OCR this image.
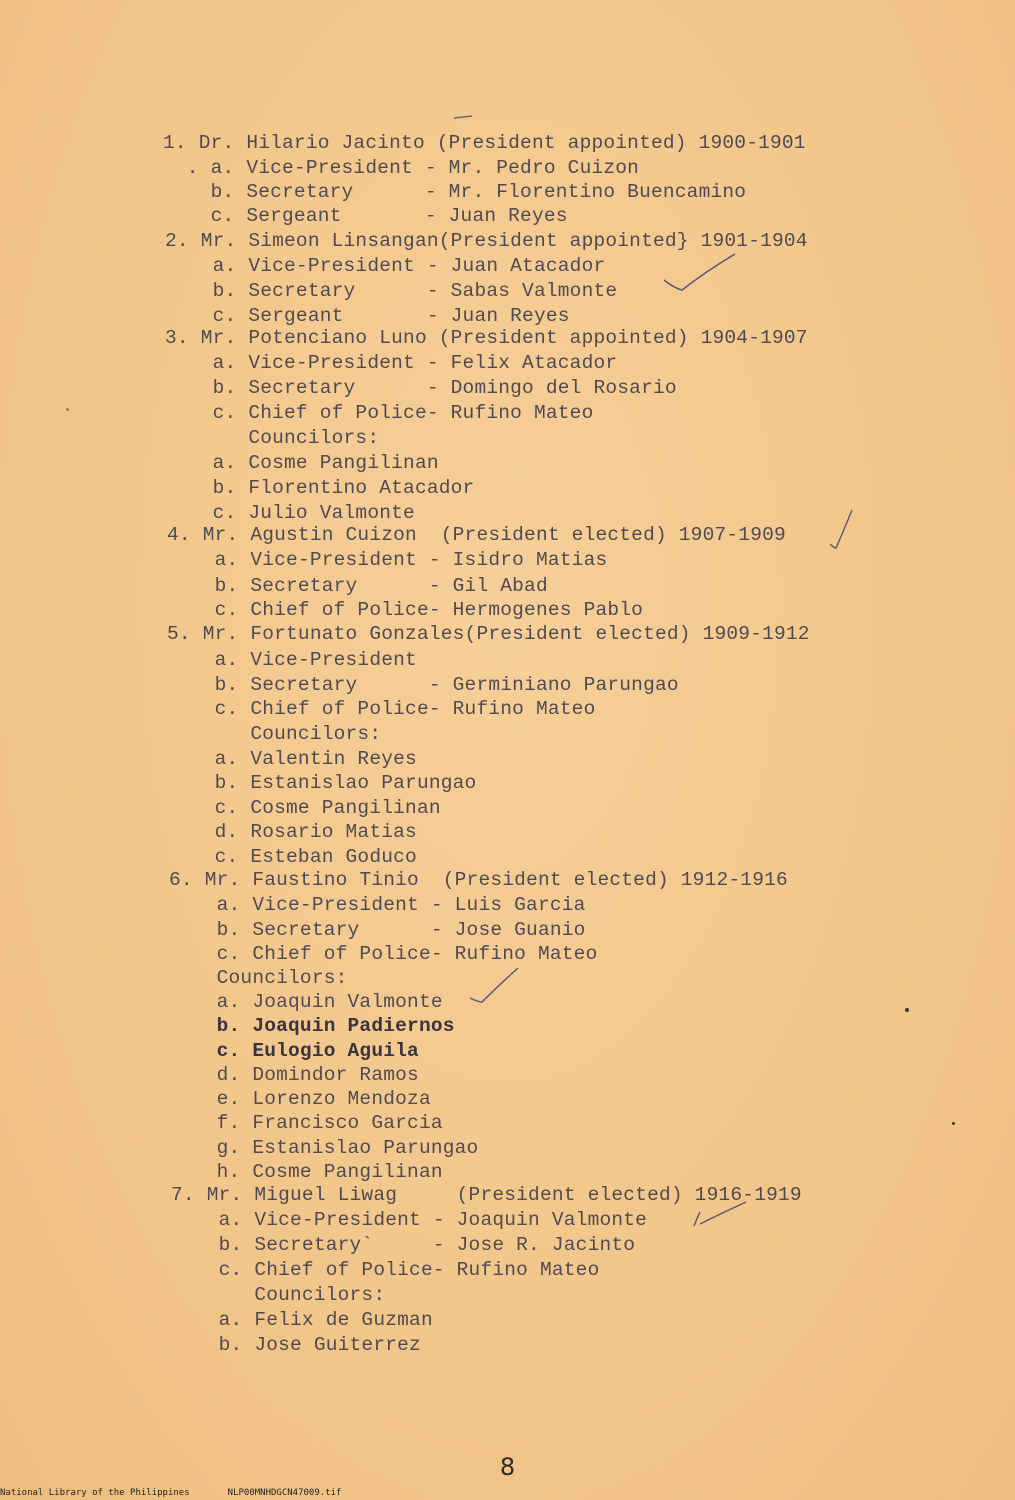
1. Dr. Hilario Jacinto (President appointed) 1900-1901
. a. Vice-President - Mr. Pedro Cuizon
b. Secretary      - Mr. Florentino Buencamino
c. Sergeant       - Juan Reyes
2. Mr. Simeon Linsangan(President appointed} 1901-1904
a. Vice-President - Juan Atacador
b. Secretary      - Sabas Valmonte
c. Sergeant       - Juan Reyes
3. Mr. Potenciano Luno (President appointed) 1904-1907
a. Vice-President - Felix Atacador
b. Secretary      - Domingo del Rosario
c. Chief of Police- Rufino Mateo
Councilors:
a. Cosme Pangilinan
b. Florentino Atacador
c. Julio Valmonte
4. Mr. Agustin Cuizon  (President elected) 1907-1909
a. Vice-President - Isidro Matias
b. Secretary      - Gil Abad
c. Chief of Police- Hermogenes Pablo
5. Mr. Fortunato Gonzales(President elected) 1909-1912
a. Vice-President
b. Secretary      - Germiniano Parungao
c. Chief of Police- Rufino Mateo
Councilors:
a. Valentin Reyes
b. Estanislao Parungao
c. Cosme Pangilinan
d. Rosario Matias
c. Esteban Goduco
6. Mr. Faustino Tinio  (President elected) 1912-1916
a. Vice-President - Luis Garcia
b. Secretary      - Jose Guanio
c. Chief of Police- Rufino Mateo
Councilors:
a. Joaquin Valmonte
b. Joaquin Padiernos
c. Eulogio Aguila
d. Domindor Ramos
e. Lorenzo Mendoza
f. Francisco Garcia
g. Estanislao Parungao
h. Cosme Pangilinan
7. Mr. Miguel Liwag     (President elected) 1916-1919
a. Vice-President - Joaquin Valmonte
b. Secretary`     - Jose R. Jacinto
c. Chief of Police- Rufino Mateo
Councilors:
a. Felix de Guzman
b. Jose Guiterrez
8
National Library of the Philippines	NLP00MNHDGCN47009.tif
